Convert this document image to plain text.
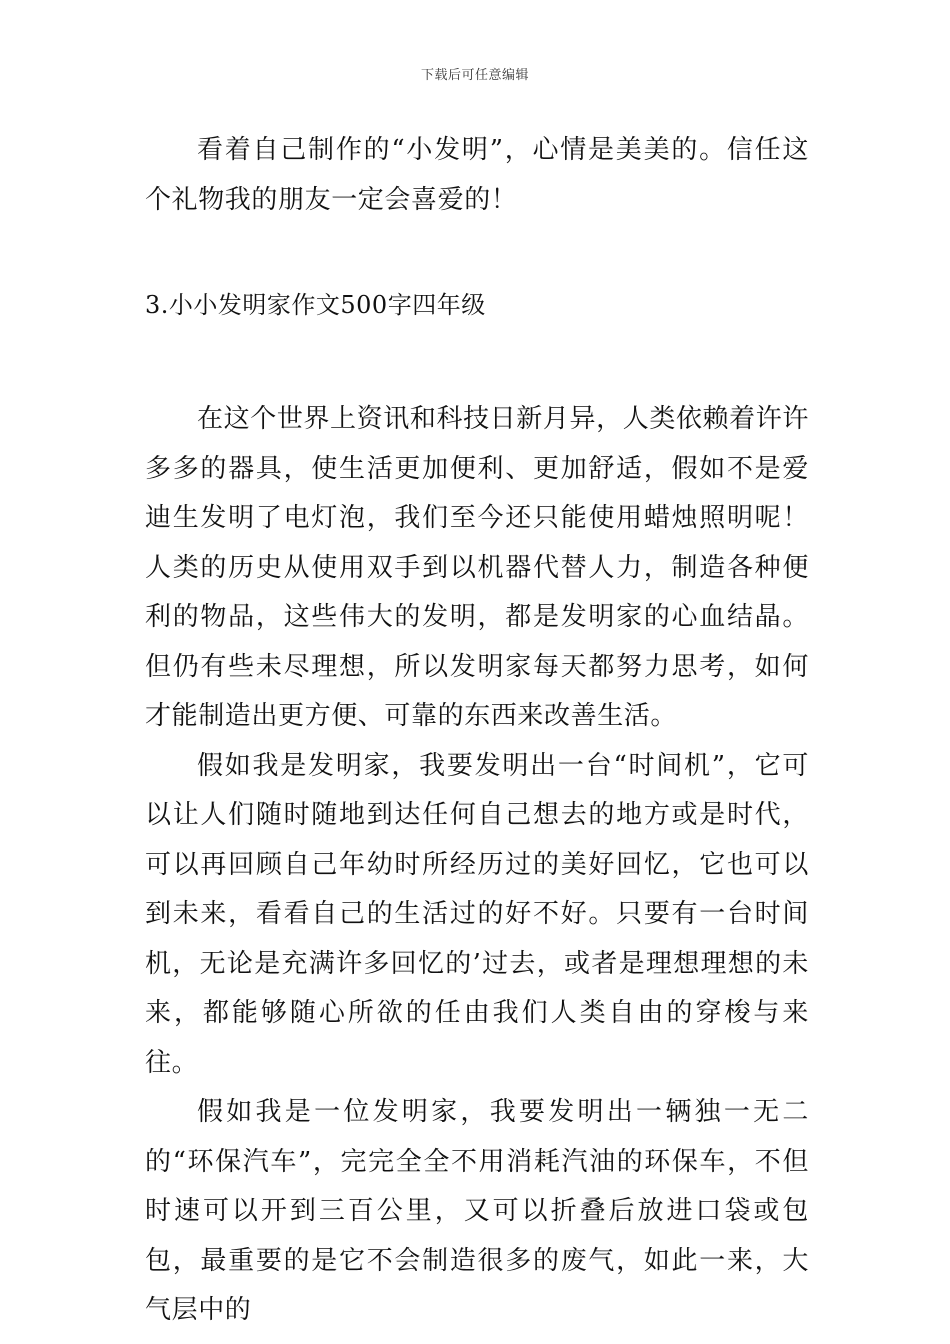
下载后可任意编辑

看着自己制作的“小发明”，心情是美美的。信任这个礼物我的朋友一定会喜爱的！

3.小小发明家作文500字四年级

在这个世界上资讯和科技日新月异，人类依赖着许许多多的器具，使生活更加便利、更加舒适，假如不是爱迪生发明了电灯泡，我们至今还只能使用蜡烛照明呢！人类的历史从使用双手到以机器代替人力，制造各种便利的物品，这些伟大的发明，都是发明家的心血结晶。但仍有些未尽理想，所以发明家每天都努力思考，如何才能制造出更方便、可靠的东西来改善生活。

假如我是发明家，我要发明出一台“时间机”，它可以让人们随时随地到达任何自己想去的地方或是时代，可以再回顾自己年幼时所经历过的美好回忆，它也可以到未来，看看自己的生活过的好不好。只要有一台时间机，无论是充满许多回忆的’过去，或者是理想理想的未来，都能够随心所欲的任由我们人类自由的穿梭与来往。

假如我是一位发明家，我要发明出一辆独一无二的“环保汽车”，完完全全不用消耗汽油的环保车，不但时速可以开到三百公里，又可以折叠后放进口袋或包包，最重要的是它不会制造很多的废气，如此一来，大气层中的
